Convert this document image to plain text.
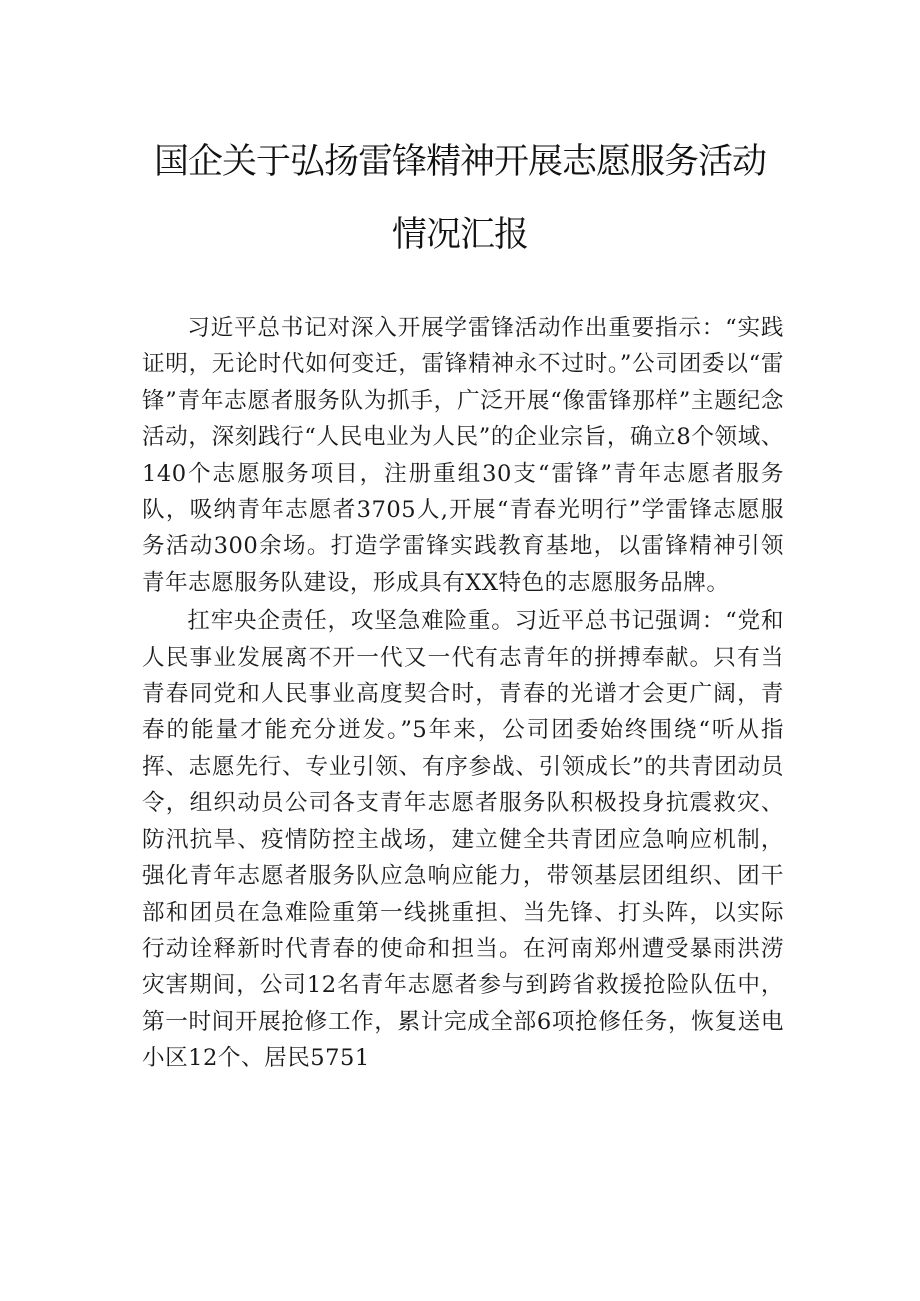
国企关于弘扬雷锋精神开展志愿服务活动
情况汇报

习近平总书记对深入开展学雷锋活动作出重要指示：“实践证明，无论时代如何变迁，雷锋精神永不过时。”公司团委以“雷锋”青年志愿者服务队为抓手，广泛开展“像雷锋那样”主题纪念活动，深刻践行“人民电业为人民”的企业宗旨，确立8个领域、140个志愿服务项目，注册重组30支“雷锋”青年志愿者服务队，吸纳青年志愿者3705人,开展“青春光明行”学雷锋志愿服务活动300余场。打造学雷锋实践教育基地，以雷锋精神引领青年志愿服务队建设，形成具有XX特色的志愿服务品牌。

扛牢央企责任，攻坚急难险重。习近平总书记强调：“党和人民事业发展离不开一代又一代有志青年的拼搏奉献。只有当青春同党和人民事业高度契合时，青春的光谱才会更广阔，青春的能量才能充分迸发。”5年来，公司团委始终围绕“听从指挥、志愿先行、专业引领、有序参战、引领成长”的共青团动员令，组织动员公司各支青年志愿者服务队积极投身抗震救灾、防汛抗旱、疫情防控主战场，建立健全共青团应急响应机制，强化青年志愿者服务队应急响应能力，带领基层团组织、团干部和团员在急难险重第一线挑重担、当先锋、打头阵，以实际行动诠释新时代青春的使命和担当。在河南郑州遭受暴雨洪涝灾害期间，公司12名青年志愿者参与到跨省救援抢险队伍中，第一时间开展抢修工作，累计完成全部6项抢修任务，恢复送电小区12个、居民5751
